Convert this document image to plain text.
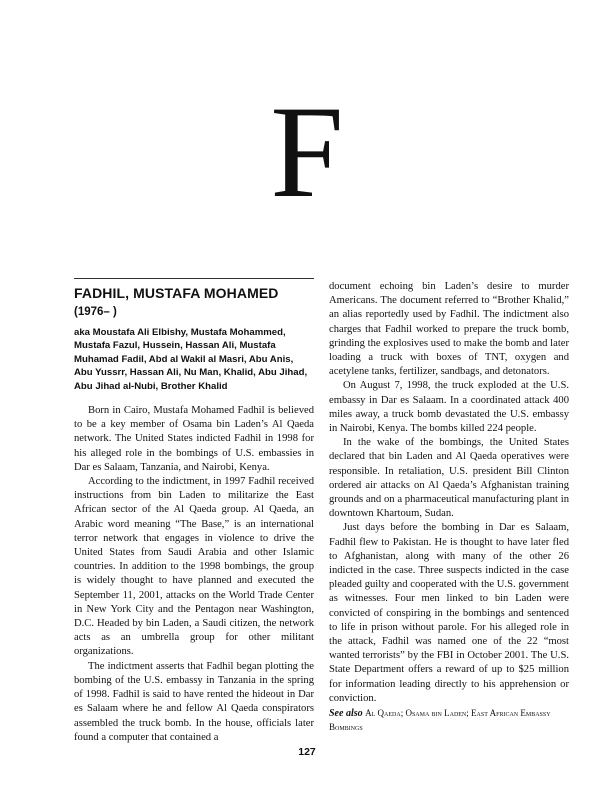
F
FADHIL, MUSTAFA MOHAMED
(1976– )
aka Moustafa Ali Elbishy, Mustafa Mohammed, Mustafa Fazul, Hussein, Hassan Ali, Mustafa Muhamad Fadil, Abd al Wakil al Masri, Abu Anis, Abu Yussrr, Hassan Ali, Nu Man, Khalid, Abu Jihad, Abu Jihad al-Nubi, Brother Khalid

Born in Cairo, Mustafa Mohamed Fadhil is believed to be a key member of Osama bin Laden’s Al Qaeda network. The United States indicted Fadhil in 1998 for his alleged role in the bombings of U.S. embassies in Dar es Salaam, Tanzania, and Nairobi, Kenya.

According to the indictment, in 1997 Fadhil received instructions from bin Laden to militarize the East African sector of the Al Qaeda group. Al Qaeda, an Arabic word meaning “The Base,” is an international terror network that engages in violence to drive the United States from Saudi Arabia and other Islamic countries. In addition to the 1998 bombings, the group is widely thought to have planned and executed the September 11, 2001, attacks on the World Trade Center in New York City and the Pentagon near Washington, D.C. Headed by bin Laden, a Saudi citizen, the network acts as an umbrella group for other militant organizations.

The indictment asserts that Fadhil began plotting the bombing of the U.S. embassy in Tanzania in the spring of 1998. Fadhil is said to have rented the hideout in Dar es Salaam where he and fellow Al Qaeda conspirators assembled the truck bomb. In the house, officials later found a computer that contained a

document echoing bin Laden’s desire to murder Americans. The document referred to “Brother Khalid,” an alias reportedly used by Fadhil. The indictment also charges that Fadhil worked to prepare the truck bomb, grinding the explosives used to make the bomb and later loading a truck with boxes of TNT, oxygen and acetylene tanks, fertilizer, sandbags, and detonators.

On August 7, 1998, the truck exploded at the U.S. embassy in Dar es Salaam. In a coordinated attack 400 miles away, a truck bomb devastated the U.S. embassy in Nairobi, Kenya. The bombs killed 224 people.

In the wake of the bombings, the United States declared that bin Laden and Al Qaeda operatives were responsible. In retaliation, U.S. president Bill Clinton ordered air attacks on Al Qaeda’s Afghanistan training grounds and on a pharmaceutical manufacturing plant in downtown Khartoum, Sudan.

Just days before the bombing in Dar es Salaam, Fadhil flew to Pakistan. He is thought to have later fled to Afghanistan, along with many of the other 26 indicted in the case. Three suspects indicted in the case pleaded guilty and cooperated with the U.S. government as witnesses. Four men linked to bin Laden were convicted of conspiring in the bombings and sentenced to life in prison without parole. For his alleged role in the attack, Fadhil was named one of the 22 “most wanted terrorists” by the FBI in October 2001. The U.S. State Department offers a reward of up to $25 million for information leading directly to his apprehension or conviction.

See also Al Qaeda; Osama bin Laden; East African Embassy Bombings
127
